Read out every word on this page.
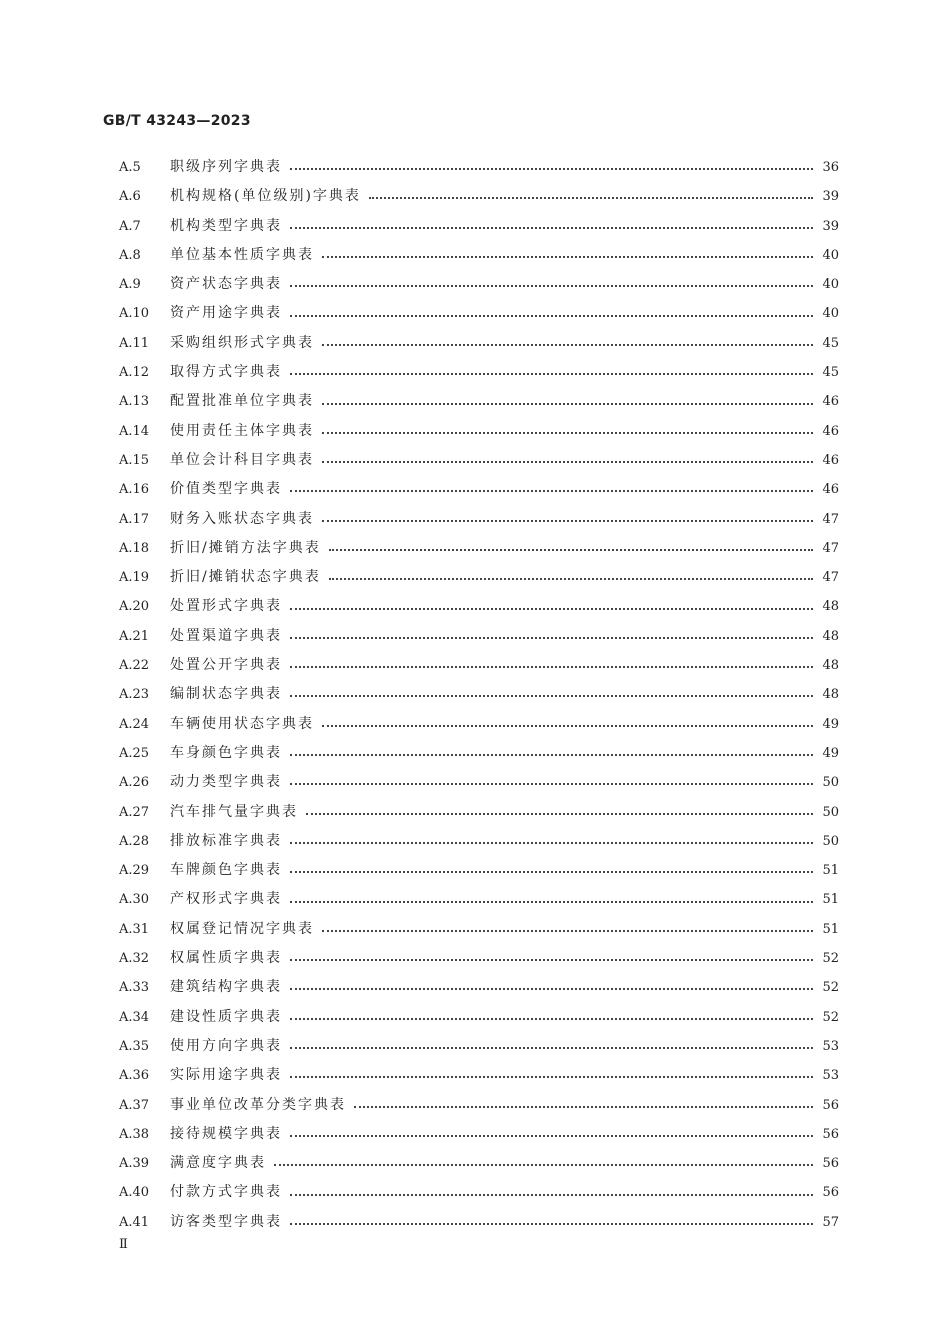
GB/T 43243—2023
A.5	职级序列字典表	36
A.6	机构规格(单位级别)字典表	39
A.7	机构类型字典表	39
A.8	单位基本性质字典表	40
A.9	资产状态字典表	40
A.10	资产用途字典表	40
A.11	采购组织形式字典表	45
A.12	取得方式字典表	45
A.13	配置批准单位字典表	46
A.14	使用责任主体字典表	46
A.15	单位会计科目字典表	46
A.16	价值类型字典表	46
A.17	财务入账状态字典表	47
A.18	折旧/摊销方法字典表	47
A.19	折旧/摊销状态字典表	47
A.20	处置形式字典表	48
A.21	处置渠道字典表	48
A.22	处置公开字典表	48
A.23	编制状态字典表	48
A.24	车辆使用状态字典表	49
A.25	车身颜色字典表	49
A.26	动力类型字典表	50
A.27	汽车排气量字典表	50
A.28	排放标准字典表	50
A.29	车牌颜色字典表	51
A.30	产权形式字典表	51
A.31	权属登记情况字典表	51
A.32	权属性质字典表	52
A.33	建筑结构字典表	52
A.34	建设性质字典表	52
A.35	使用方向字典表	53
A.36	实际用途字典表	53
A.37	事业单位改革分类字典表	56
A.38	接待规模字典表	56
A.39	满意度字典表	56
A.40	付款方式字典表	56
A.41	访客类型字典表	57
Ⅱ
